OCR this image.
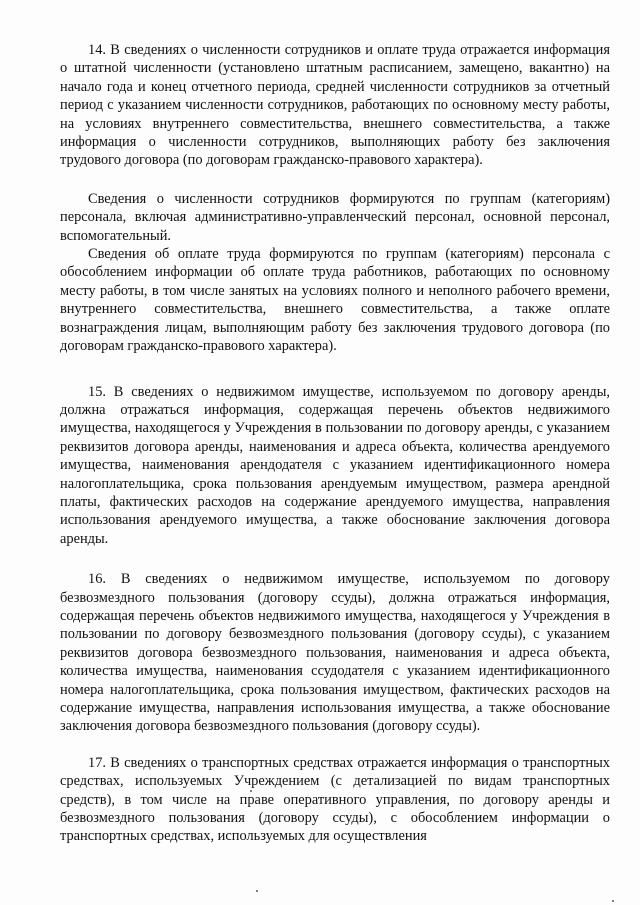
14. В сведениях о численности сотрудников и оплате труда отражается информация о штатной численности (установлено штатным расписанием, замещено, вакантно) на начало года и конец отчетного периода, средней численности сотрудников за отчетный период с указанием численности сотрудников, работающих по основному месту работы, на условиях внутреннего совместительства, внешнего совместительства, а также информация о численности сотрудников, выполняющих работу без заключения трудового договора (по договорам гражданско-правового характера).

Сведения о численности сотрудников формируются по группам (категориям) персонала, включая административно-управленческий персонал, основной персонал, вспомогательный.

Сведения об оплате труда формируются по группам (категориям) персонала с обособлением информации об оплате труда работников, работающих по основному месту работы, в том числе занятых на условиях полного и неполного рабочего времени, внутреннего совместительства, внешнего совместительства, а также оплате вознаграждения лицам, выполняющим работу без заключения трудового договора (по договорам гражданско-правового характера).

15. В сведениях о недвижимом имуществе, используемом по договору аренды, должна отражаться информация, содержащая перечень объектов недвижимого имущества, находящегося у Учреждения в пользовании по договору аренды, с указанием реквизитов договора аренды, наименования и адреса объекта, количества арендуемого имущества, наименования арендодателя с указанием идентификационного номера налогоплательщика, срока пользования арендуемым имуществом, размера арендной платы, фактических расходов на содержание арендуемого имущества, направления использования арендуемого имущества, а также обоснование заключения договора аренды.

16. В сведениях о недвижимом имуществе, используемом по договору безвозмездного пользования (договору ссуды), должна отражаться информация, содержащая перечень объектов недвижимого имущества, находящегося у Учреждения в пользовании по договору безвозмездного пользования (договору ссуды), с указанием реквизитов договора безвозмездного пользования, наименования и адреса объекта, количества имущества, наименования ссудодателя с указанием идентификационного номера налогоплательщика, срока пользования имуществом, фактических расходов на содержание имущества, направления использования имущества, а также обоснование заключения договора безвозмездного пользования (договору ссуды).

17. В сведениях о транспортных средствах отражается информация о транспортных средствах, используемых Учреждением (с детализацией по видам транспортных средств), в том числе на праве оперативного управления, по договору аренды и безвозмездного пользования (договору ссуды), с обособлением информации о транспортных средствах, используемых для осуществления
